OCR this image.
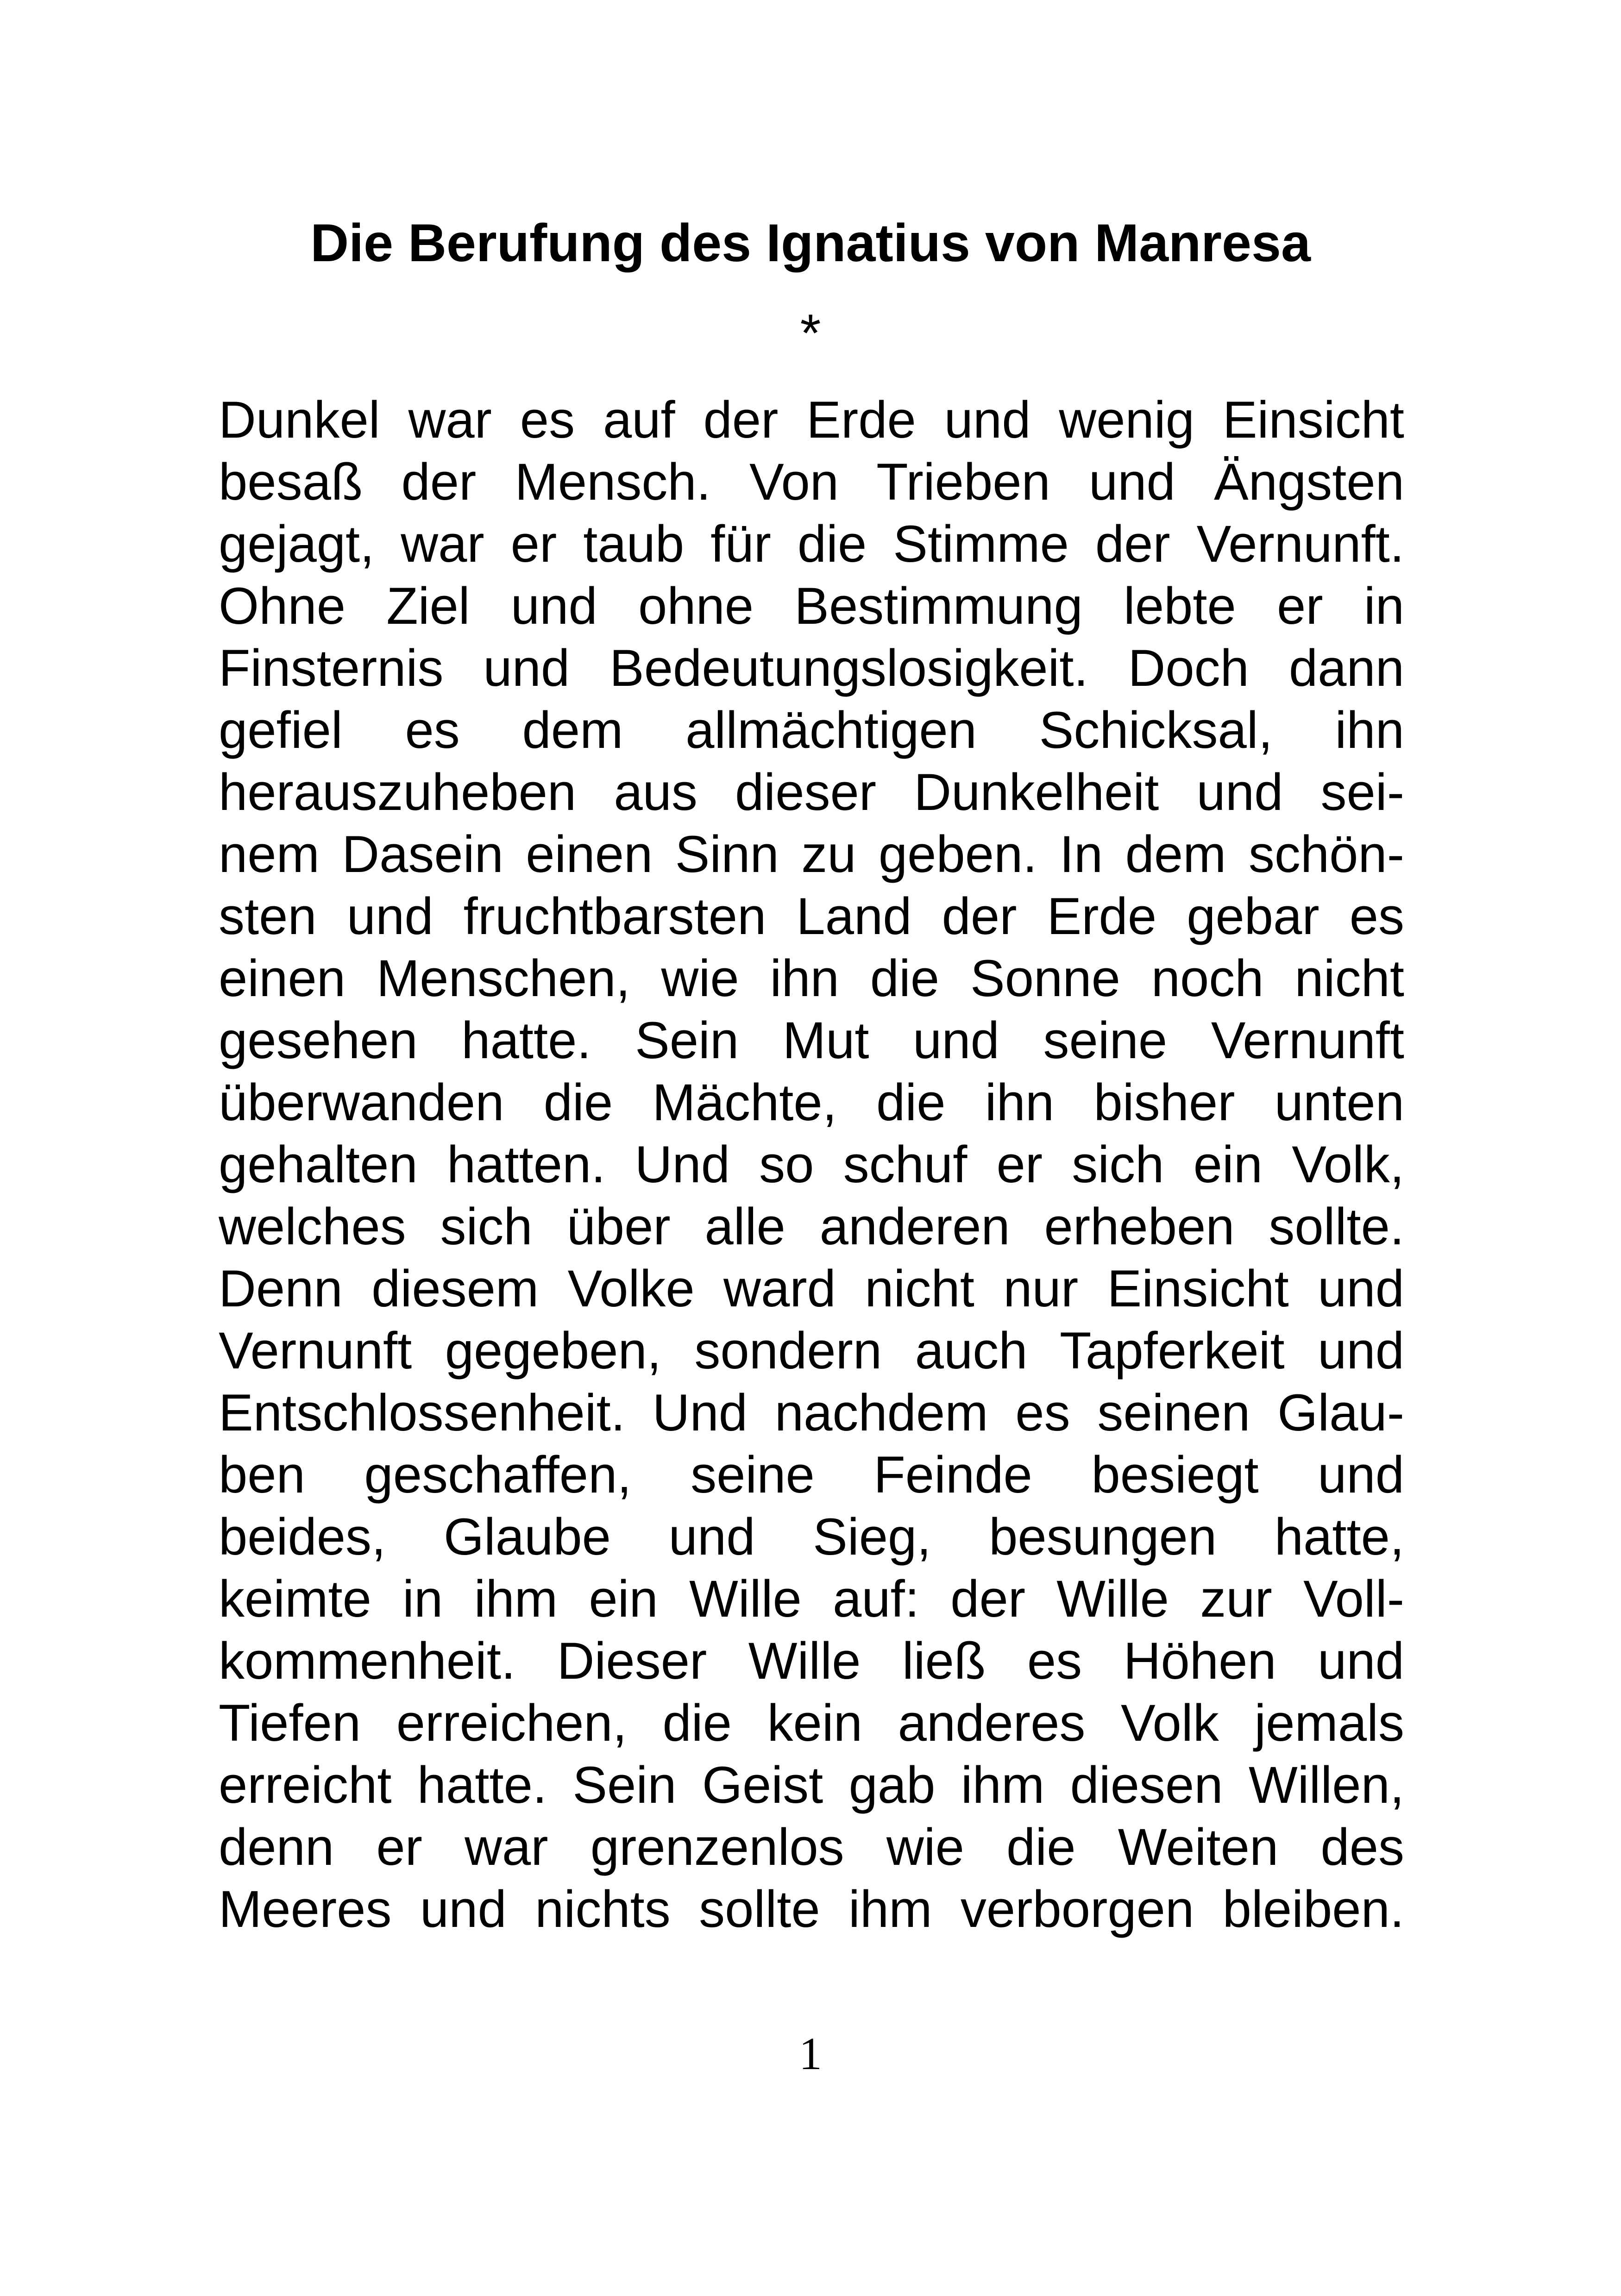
Die Berufung des Ignatius von Manresa
*
Dunkel war es auf der Erde und wenig Einsicht
besaß der Mensch. Von Trieben und Ängsten
gejagt, war er taub für die Stimme der Vernunft.
Ohne Ziel und ohne Bestimmung lebte er in
Finsternis und Bedeutungslosigkeit. Doch dann
gefiel es dem allmächtigen Schicksal, ihn
herauszuheben aus dieser Dunkelheit und sei-
nem Dasein einen Sinn zu geben. In dem schön-
sten und fruchtbarsten Land der Erde gebar es
einen Menschen, wie ihn die Sonne noch nicht
gesehen hatte. Sein Mut und seine Vernunft
überwanden die Mächte, die ihn bisher unten
gehalten hatten. Und so schuf er sich ein Volk,
welches sich über alle anderen erheben sollte.
Denn diesem Volke ward nicht nur Einsicht und
Vernunft gegeben, sondern auch Tapferkeit und
Entschlossenheit. Und nachdem es seinen Glau-
ben geschaffen, seine Feinde besiegt und
beides, Glaube und Sieg, besungen hatte,
keimte in ihm ein Wille auf: der Wille zur Voll-
kommenheit. Dieser Wille ließ es Höhen und
Tiefen erreichen, die kein anderes Volk jemals
erreicht hatte. Sein Geist gab ihm diesen Willen,
denn er war grenzenlos wie die Weiten des
Meeres und nichts sollte ihm verborgen bleiben.
1
